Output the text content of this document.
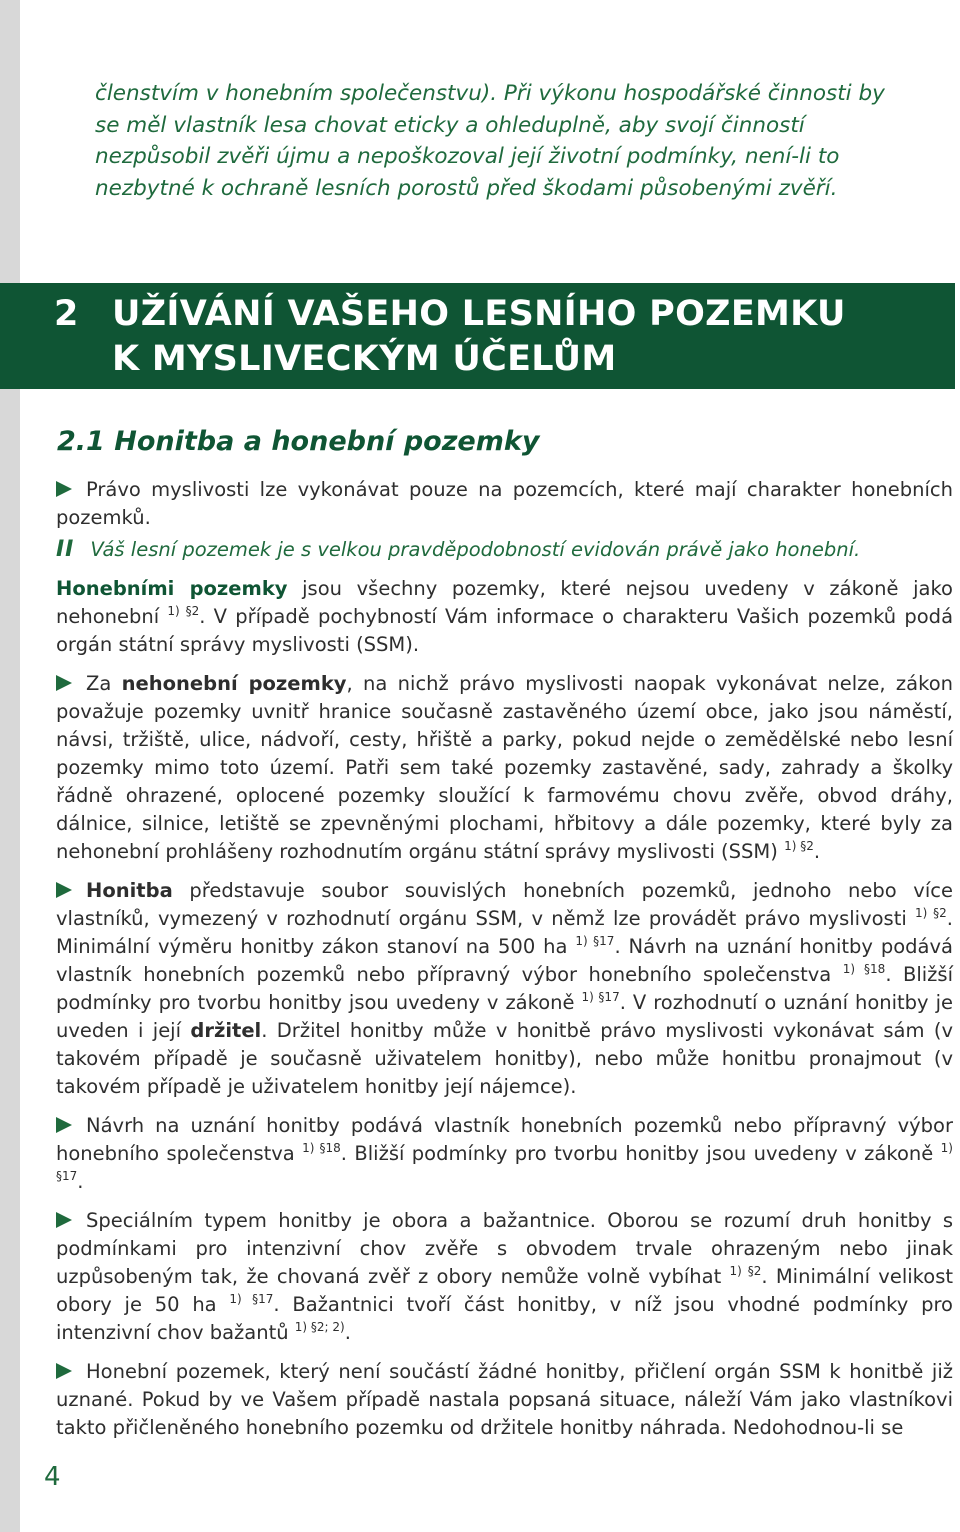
členstvím v honebním společenstvu). Při výkonu hospodářské činnosti by se měl vlastník lesa chovat eticky a ohleduplně, aby svojí činností nezpůsobil zvěři újmu a nepoškozoval její životní podmínky, není-li to nezbytné k ochraně lesních porostů před škodami působenými zvěří.

2 UŽÍVÁNÍ VAŠEHO LESNÍHO POZEMKU
K MYSLIVECKÝM ÚČELŮM
2.1 Honitba a honební pozemky

Právo myslivosti lze vykonávat pouze na pozemcích, které mají charakter honebních pozemků.

II Váš lesní pozemek je s velkou pravděpodobností evidován právě jako honební.

Honebními pozemky jsou všechny pozemky, které nejsou uvedeny v zákoně jako nehonební $^{1) \S 2}$. V případě pochybností Vám informace o charakteru Vašich pozemků podá orgán státní správy myslivosti (SSM).

Za nehonební pozemky, na nichž právo myslivosti naopak vykonávat nelze, zákon považuje pozemky uvnitř hranice současně zastavěného území obce, jako jsou náměstí, návsi, tržiště, ulice, nádvoří, cesty, hřiště a parky, pokud nejde o zemědělské nebo lesní pozemky mimo toto území. Patři sem také pozemky zastavěné, sady, zahrady a školky řádně ohrazené, oplocené pozemky sloužící k farmovému chovu zvěře, obvod dráhy, dálnice, silnice, letiště se zpevněnými plochami, hřbitovy a dále pozemky, které byly za nehonební prohlášeny rozhodnutím orgánu státní správy myslivosti (SSM) $^{1) \S 2}$.

Honitba představuje soubor souvislých honebních pozemků, jednoho nebo více vlastníků, vymezený v rozhodnutí orgánu SSM, v němž lze provádět právo myslivosti $^{1) \S 2}$. Minimální výměru honitby zákon stanoví na 500 ha $^{1) \S 17}$. Návrh na uznání honitby podává vlastník honebních pozemků nebo přípravný výbor honebního společenstva $^{1) \S 18}$. Bližší podmínky pro tvorbu honitby jsou uvedeny v zákoně $^{1) \S 17}$. V rozhodnutí o uznání honitby je uveden i její držitel. Držitel honitby může v honitbě právo myslivosti vykonávat sám (v takovém případě je současně uživatelem honitby), nebo může honitbu pronajmout (v takovém případě je uživatelem honitby její nájemce).

Návrh na uznání honitby podává vlastník honebních pozemků nebo přípravný výbor honebního společenstva $^{1) \S 18}$. Bližší podmínky pro tvorbu honitby jsou uvedeny v zákoně $^{1) \S 17}$.

Speciálním typem honitby je obora a bažantnice. Oborou se rozumí druh honitby s podmínkami pro intenzivní chov zvěře s obvodem trvale ohrazeným nebo jinak uzpůsobeným tak, že chovaná zvěř z obory nemůže volně vybíhat $^{1) \S 2}$. Minimální velikost obory je 50 ha $^{1) \S 17}$. Bažantnici tvoří část honitby, v níž jsou vhodné podmínky pro intenzivní chov bažantů $^{1) \S 2; 2)}$.

Honební pozemek, který není součástí žádné honitby, přičlení orgán SSM k honitbě již uznané. Pokud by ve Vašem případě nastala popsaná situace, náleží Vám jako vlastníkovi takto přičleněného honebního pozemku od držitele honitby náhrada. Nedohodnou-li se

4
